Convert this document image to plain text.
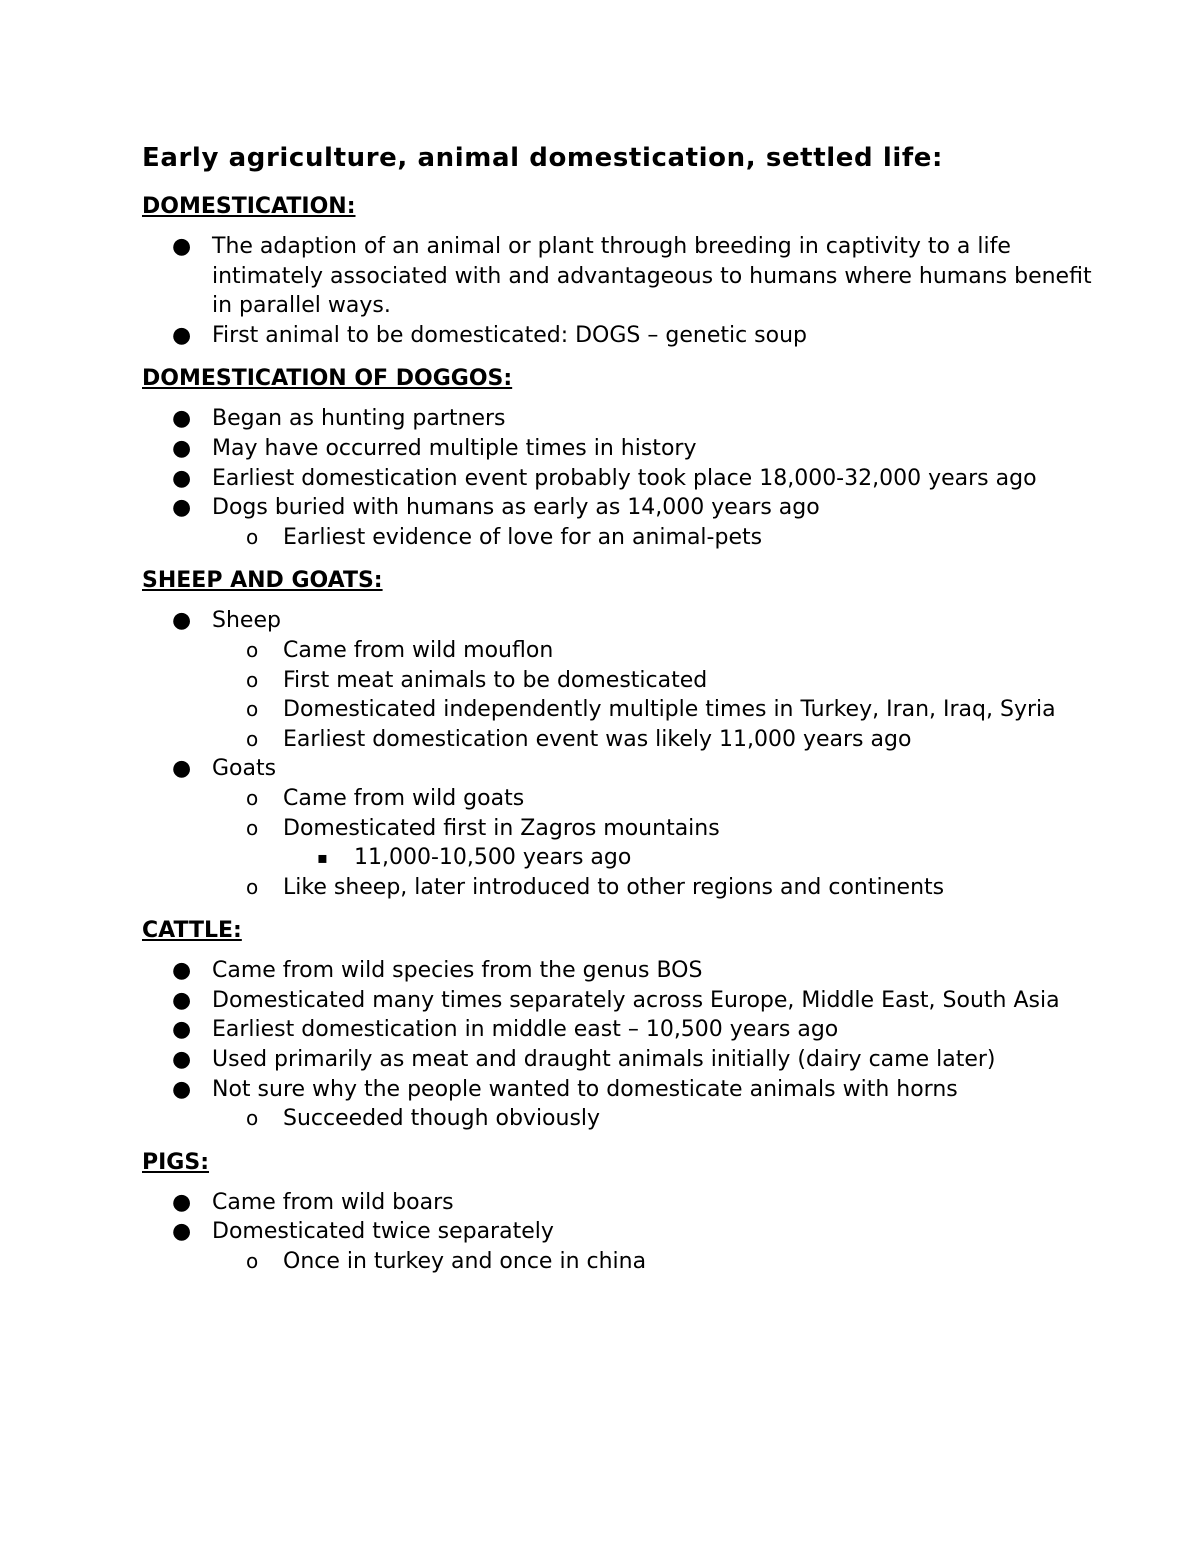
Early agriculture, animal domestication, settled life:
DOMESTICATION:
● The adaption of an animal or plant through breeding in captivity to a life intimately associated with and advantageous to humans where humans benefit in parallel ways.
● First animal to be domesticated: DOGS – genetic soup
DOMESTICATION OF DOGGOS:
● Began as hunting partners
● May have occurred multiple times in history
● Earliest domestication event probably took place 18,000-32,000 years ago
● Dogs buried with humans as early as 14,000 years ago
o Earliest evidence of love for an animal-pets
SHEEP AND GOATS:
● Sheep
o Came from wild mouflon
o First meat animals to be domesticated
o Domesticated independently multiple times in Turkey, Iran, Iraq, Syria
o Earliest domestication event was likely 11,000 years ago
● Goats
o Came from wild goats
o Domesticated first in Zagros mountains
▪ 11,000-10,500 years ago
o Like sheep, later introduced to other regions and continents
CATTLE:
● Came from wild species from the genus BOS
● Domesticated many times separately across Europe, Middle East, South Asia
● Earliest domestication in middle east – 10,500 years ago
● Used primarily as meat and draught animals initially (dairy came later)
● Not sure why the people wanted to domesticate animals with horns
o Succeeded though obviously
PIGS:
● Came from wild boars
● Domesticated twice separately
o Once in turkey and once in china
